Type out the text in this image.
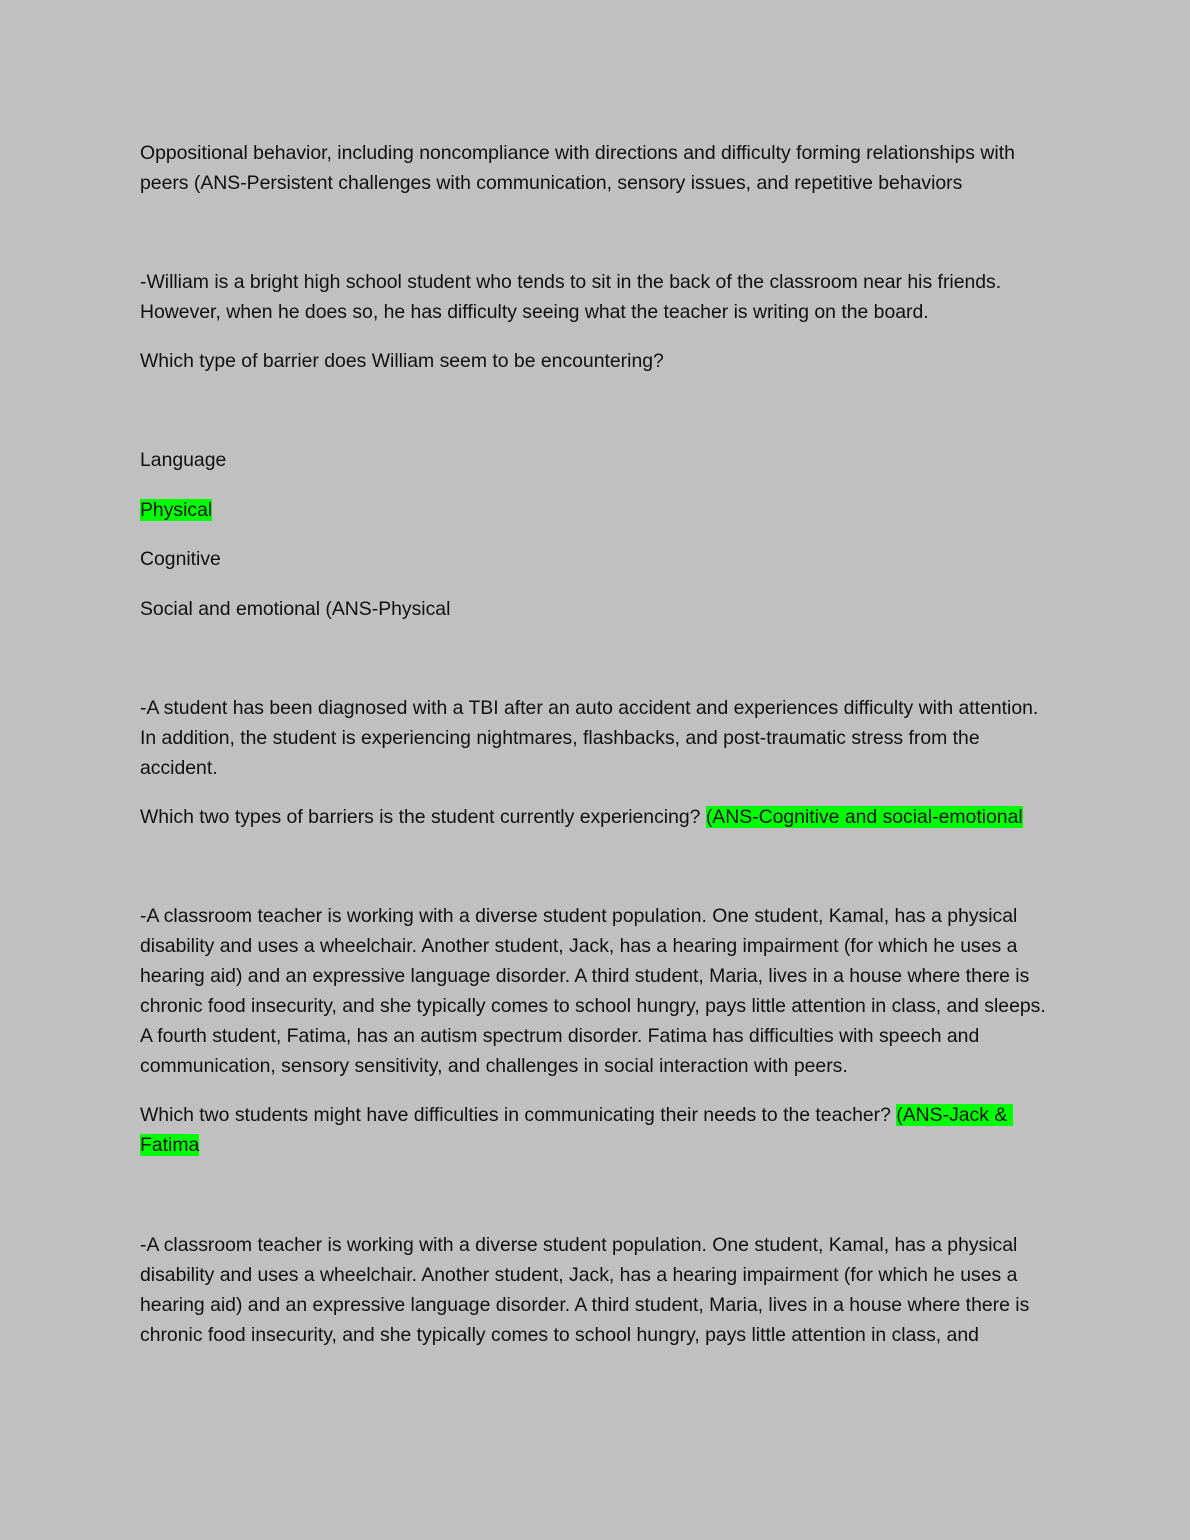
Oppositional behavior, including noncompliance with directions and difficulty forming relationships with peers (ANS-Persistent challenges with communication, sensory issues, and repetitive behaviors

-William is a bright high school student who tends to sit in the back of the classroom near his friends. However, when he does so, he has difficulty seeing what the teacher is writing on the board.

Which type of barrier does William seem to be encountering?

Language

Physical

Cognitive

Social and emotional (ANS-Physical

-A student has been diagnosed with a TBI after an auto accident and experiences difficulty with attention. In addition, the student is experiencing nightmares, flashbacks, and post-traumatic stress from the accident.

Which two types of barriers is the student currently experiencing? (ANS-Cognitive and social-emotional

-A classroom teacher is working with a diverse student population. One student, Kamal, has a physical disability and uses a wheelchair. Another student, Jack, has a hearing impairment (for which he uses a hearing aid) and an expressive language disorder. A third student, Maria, lives in a house where there is chronic food insecurity, and she typically comes to school hungry, pays little attention in class, and sleeps. A fourth student, Fatima, has an autism spectrum disorder. Fatima has difficulties with speech and communication, sensory sensitivity, and challenges in social interaction with peers.

Which two students might have difficulties in communicating their needs to the teacher? (ANS-Jack & Fatima

-A classroom teacher is working with a diverse student population. One student, Kamal, has a physical disability and uses a wheelchair. Another student, Jack, has a hearing impairment (for which he uses a hearing aid) and an expressive language disorder. A third student, Maria, lives in a house where there is chronic food insecurity, and she typically comes to school hungry, pays little attention in class, and
